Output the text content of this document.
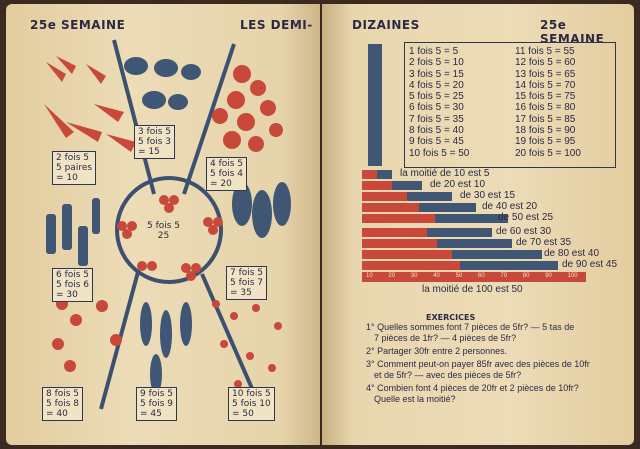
25e SEMAINE	LES DEMI-
3 fois 5
5 fois 3
= 15
2 fois 5
5 paires
= 10
4 fois 5
5 fois 4
= 20
5 fois 5
25
6 fois 5
5 fois 6
= 30
7 fois 5
5 fois 7
= 35
8 fois 5
5 fois 8
= 40
9 fois 5
5 fois 9
= 45
10 fois 5
5 fois 10
= 50
DIZAINES	25e SEMAINE
1 fois 5 = 5
2 fois 5 = 10
3 fois 5 = 15
4 fois 5 = 20
5 fois 5 = 25
6 fois 5 = 30
7 fois 5 = 35
8 fois 5 = 40
9 fois 5 = 45
10 fois 5 = 50
11 fois 5 = 55
12 fois 5 = 60
13 fois 5 = 65
14 fois 5 = 70
15 fois 5 = 75
16 fois 5 = 80
17 fois 5 = 85
18 fois 5 = 90
19 fois 5 = 95
20 fois 5 = 100
la moitié de 10 est 5
de 20 est 10
de 30 est 15
de 40 est 20
de 50 est 25
de 60 est 30
de 70 est 35
de 80 est 40
de 90 est 45
10	20	30	40	50	60	70	80	90	100
la moitié de 100 est 50
EXERCICES
1° Quelles sommes font 7 pièces de 5fr? — 5 tas de
7 pièces de 1fr? — 4 pièces de 5fr?
2° Partager 30fr entre 2 personnes.
3° Comment peut-on payer 85fr avec des pièces de 10fr
et de 5fr? — avec des pièces de 5fr?
4° Combien font 4 pièces de 20fr et 2 pièces de 10fr?
Quelle est la moitié?
